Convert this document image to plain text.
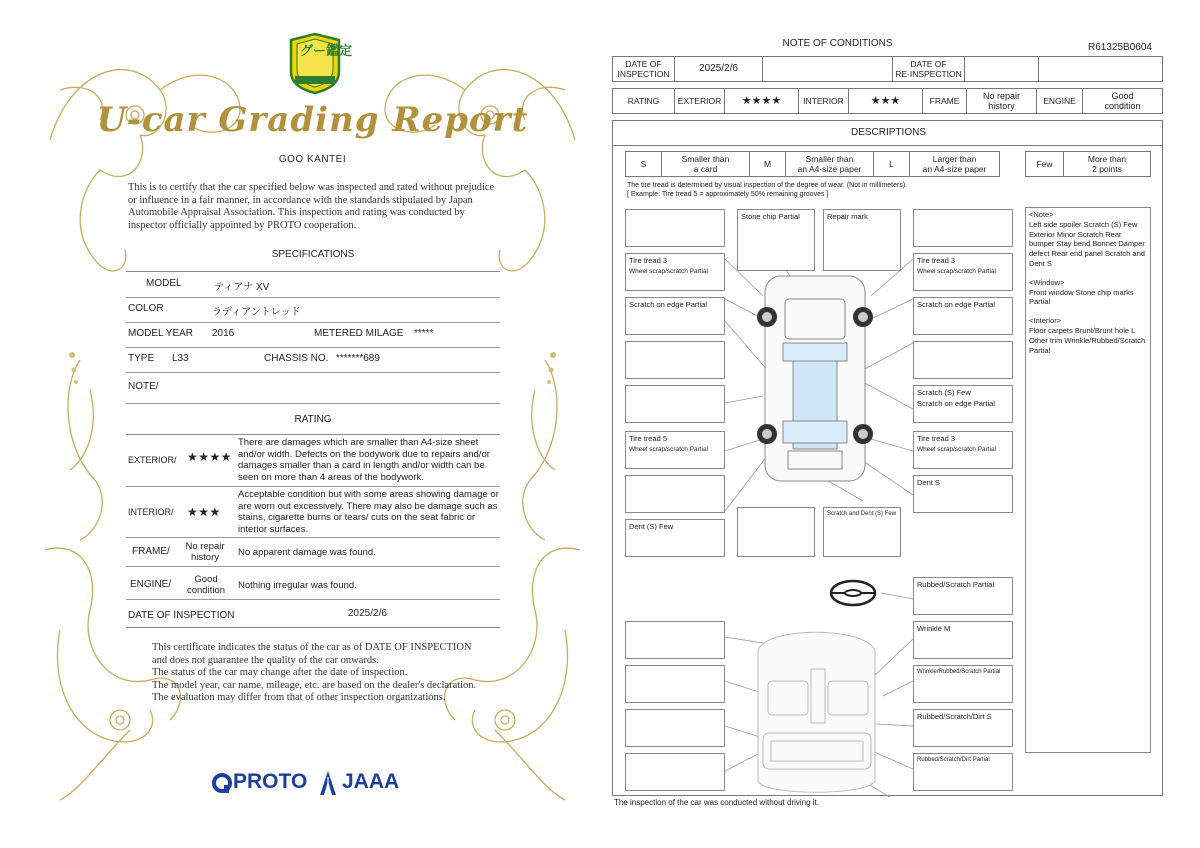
グー鑑定
U-car Grading Report
GOO KANTEI
This is to certify that the car specified below was inspected and rated without prejudice or influence in a fair manner, in accordance with the standards stipulated by Japan Automobile Appraisal Association. This inspection and rating was conducted by inspector officially appointed by PROTO cooperation.
SPECIFICATIONS
MODEL	ティアナ XV
COLOR	ラディアントレッド
MODEL YEAR 2016	METERED MILAGE *****
TYPE L33	CHASSIS NO. *******689
NOTE/
RATING
EXTERIOR/ ★★★★
There are damages which are smaller than A4-size sheet and/or width. Defects on the bodywork due to repairs and/or damages smaller than a card in length and/or width can be seen on more than 4 areas of the bodywork.
INTERIOR/ ★★★
Acceptable condition but with some areas showing damage or are worn out excessively. There may also be damage such as stains, cigarette burns or tears/ cuts on the seat fabric or interior surfaces.
FRAME/	No repair
history	No apparent damage was found.
ENGINE/	Good
condition	Nothing irregular was found.
DATE OF INSPECTION	2025/2/6
This certificate indicates the status of the car as of DATE OF INSPECTION and does not guarantee the quality of the car onwards.
The status of the car may change after the date of inspection.
The model year, car name, mileage, etc. are based on the dealer's declaration.
The evaluation may differ from that of other inspection organizations.
PROTO JAAA
NOTE OF CONDITIONS	R61325B0604
DATE OF
INSPECTION	2025/2/6		DATE OF
RE-INSPECTION

RATING	EXTERIOR	★★★★	INTERIOR	★★★	FRAME	No repair
history	ENGINE	Good
condition
DESCRIPTIONS
S	Smaller than
a card	M	Smaller than
an A4-size paper	L	Larger than
an A4-size paper	Few	More than
2 points
The tire tread is determined by visual inspection of the degree of wear. (Not in millimeters).
[ Example: Tire tread 5 = approximately 50% remaining grooves ]
Tire tread 3
Wheel scrap/scratch Partial
Scratch on edge Partial
Tire tread 5
Wheel scrap/scratch Partial
Dent (S) Few
Stone chip Partial	Repair mark
Scratch and Dent (S) Few
Tire tread 3
Wheel scrap/scratch Partial
Scratch on edge Partial
Scratch (S) Few
Scratch on edge Partial
Tire tread 3
Wheel scrap/scratch Partial
Dent S

<Note>
Left side spoiler Scratch (S) Few Exterior Minor Scratch Rear bumper Stay bend Bonnet Damper defect Rear end panel Scratch and Dent S

<Window>
Front window Stone chip marks Partial

<Interior>
Floor carpets Brunt/Brunt hole L Other trim Wrinkle/Rubbed/Scratch Partial

Rubbed/Scratch Partial
Wrinkle M
Wrinkle/Rubbed/Scratch Partial
Rubbed/Scratch/Dirt S
Rubbed/Scratch/Dirt Partial
The inspection of the car was conducted without driving it.
